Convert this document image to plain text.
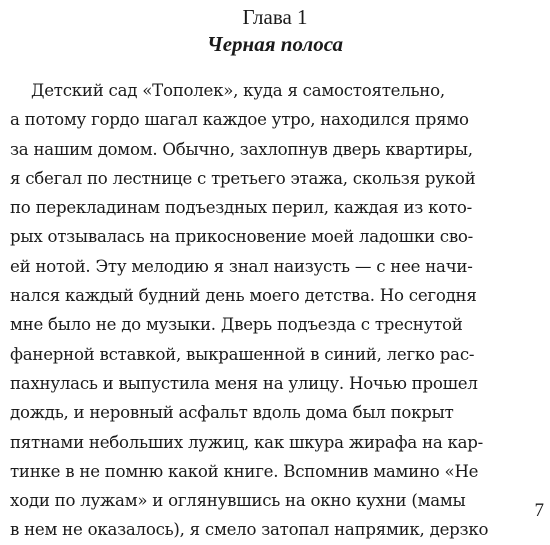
Глава 1
Черная полоса
Детский сад «Тополек», куда я самостоятельно,
а потому гордо шагал каждое утро, находился прямо
за нашим домом. Обычно, захлопнув дверь квартиры,
я сбегал по лестнице с третьего этажа, скользя рукой
по перекладинам подъездных перил, каждая из кото-
рых отзывалась на прикосновение моей ладошки сво-
ей нотой. Эту мелодию я знал наизусть — с нее начи-
нался каждый будний день моего детства. Но сегодня
мне было не до музыки. Дверь подъезда с треснутой
фанерной вставкой, выкрашенной в синий, легко рас-
пахнулась и выпустила меня на улицу. Ночью прошел
дождь, и неровный асфальт вдоль дома был покрыт
пятнами небольших лужиц, как шкура жирафа на кар-
тинке в не помню какой книге. Вспомнив мамино «Не
ходи по лужам» и оглянувшись на окно кухни (мамы
в нем не оказалось), я смело затопал напрямик, дерзко
7
